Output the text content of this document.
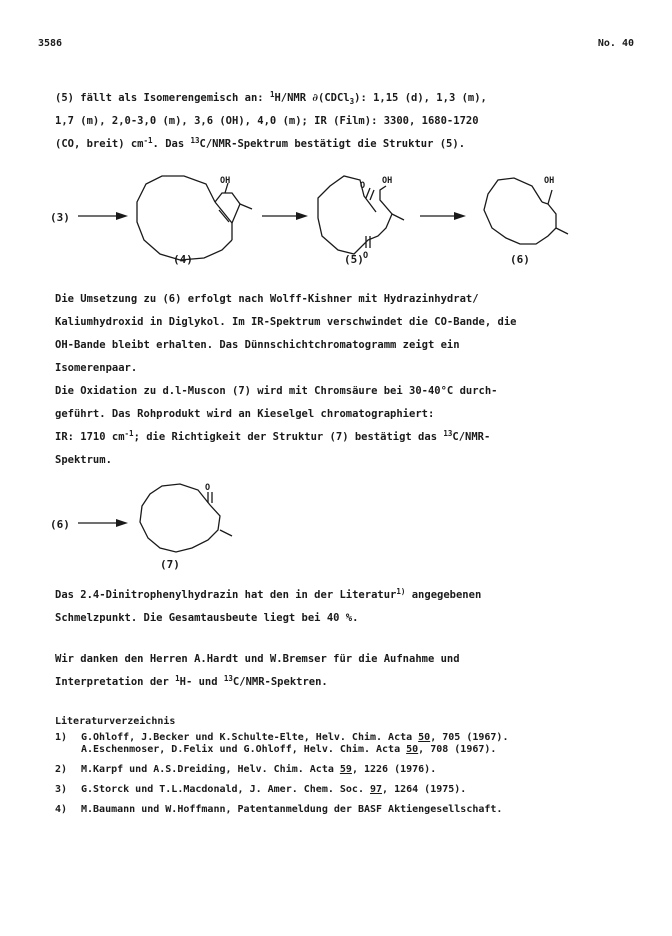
3586	No. 40
(5) fällt als Isomerengemisch an: $^1$H/NMR ∂(CDCl$_3$): 1,15 (d), 1,3 (m),
1,7 (m), 2,0-3,0 (m), 3,6 (OH), 4,0 (m); IR (Film): 3300, 1680-1720
(CO, breit) $cm^{-1}$. Das $^{13}$C/NMR-Spektrum bestätigt die Struktur (5).
(3)
OH
(4)
O OH
O
(5)
OH
(6)
Die Umsetzung zu (6) erfolgt nach Wolff-Kishner mit Hydrazinhydrat/
Kaliumhydroxid in Diglykol. Im IR-Spektrum verschwindet die CO-Bande, die
OH-Bande bleibt erhalten. Das Dünnschichtchromatogramm zeigt ein
Isomerenpaar.
Die Oxidation zu d.l-Muscon (7) wird mit Chromsäure bei 30-40°C durch-
geführt. Das Rohprodukt wird an Kieselgel chromatographiert:
IR: 1710 $cm^{-1}$; die Richtigkeit der Struktur (7) bestätigt das $^{13}$C/NMR-
Spektrum.
(6)
O
(7)
Das 2.4-Dinitrophenylhydrazin hat den in der Literatur$^{1)}$ angegebenen
Schmelzpunkt. Die Gesamtausbeute liegt bei 40 %.
Wir danken den Herren A.Hardt und W.Bremser für die Aufnahme und
Interpretation der $^1$H- und $^{13}$C/NMR-Spektren.
Literaturverzeichnis
1)	G.Ohloff, J.Becker und K.Schulte-Elte, Helv. Chim. Acta 50, 705 (1967).
A.Eschenmoser, D.Felix und G.Ohloff, Helv. Chim. Acta 50, 708 (1967).
2)	M.Karpf und A.S.Dreiding, Helv. Chim. Acta 59, 1226 (1976).
3)	G.Storck und T.L.Macdonald, J. Amer. Chem. Soc. 97, 1264 (1975).
4)	M.Baumann und W.Hoffmann, Patentanmeldung der BASF Aktiengesellschaft.
